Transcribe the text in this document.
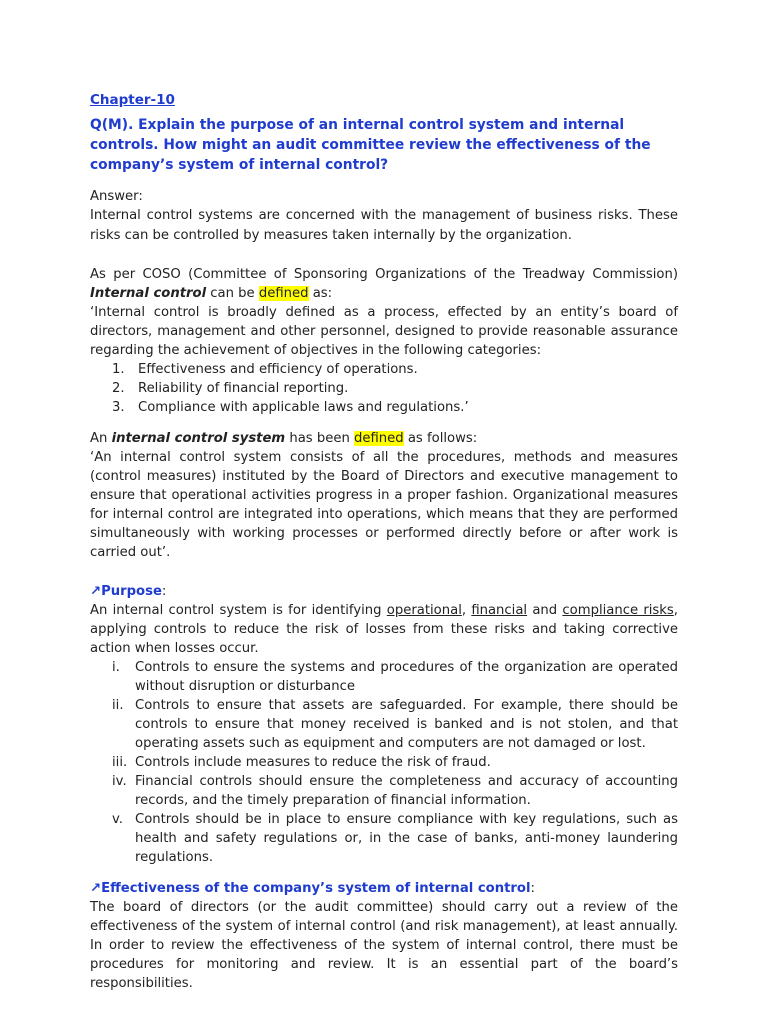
Chapter-10
Q(M). Explain the purpose of an internal control system and internal controls. How might an audit committee review the effectiveness of the company’s system of internal control?

Answer:

Internal control systems are concerned with the management of business risks. These risks can be controlled by measures taken internally by the organization.

As per COSO (Committee of Sponsoring Organizations of the Treadway Commission) Internal control can be defined as:

‘Internal control is broadly defined as a process, effected by an entity’s board of directors, management and other personnel, designed to provide reasonable assurance regarding the achievement of objectives in the following categories:

1. Effectiveness and efficiency of operations.
2. Reliability of financial reporting.
3. Compliance with applicable laws and regulations.’

An internal control system has been defined as follows:

‘An internal control system consists of all the procedures, methods and measures (control measures) instituted by the Board of Directors and executive management to ensure that operational activities progress in a proper fashion. Organizational measures for internal control are integrated into operations, which means that they are performed simultaneously with working processes or performed directly before or after work is carried out’.

↗Purpose:

An internal control system is for identifying operational, financial and compliance risks, applying controls to reduce the risk of losses from these risks and taking corrective action when losses occur.

i. Controls to ensure the systems and procedures of the organization are operated without disruption or disturbance
ii. Controls to ensure that assets are safeguarded. For example, there should be controls to ensure that money received is banked and is not stolen, and that operating assets such as equipment and computers are not damaged or lost.
iii. Controls include measures to reduce the risk of fraud.
iv. Financial controls should ensure the completeness and accuracy of accounting records, and the timely preparation of financial information.
v. Controls should be in place to ensure compliance with key regulations, such as health and safety regulations or, in the case of banks, anti-money laundering regulations.

↗Effectiveness of the company’s system of internal control:

The board of directors (or the audit committee) should carry out a review of the effectiveness of the system of internal control (and risk management), at least annually. In order to review the effectiveness of the system of internal control, there must be procedures for monitoring and review. It is an essential part of the board’s responsibilities.
